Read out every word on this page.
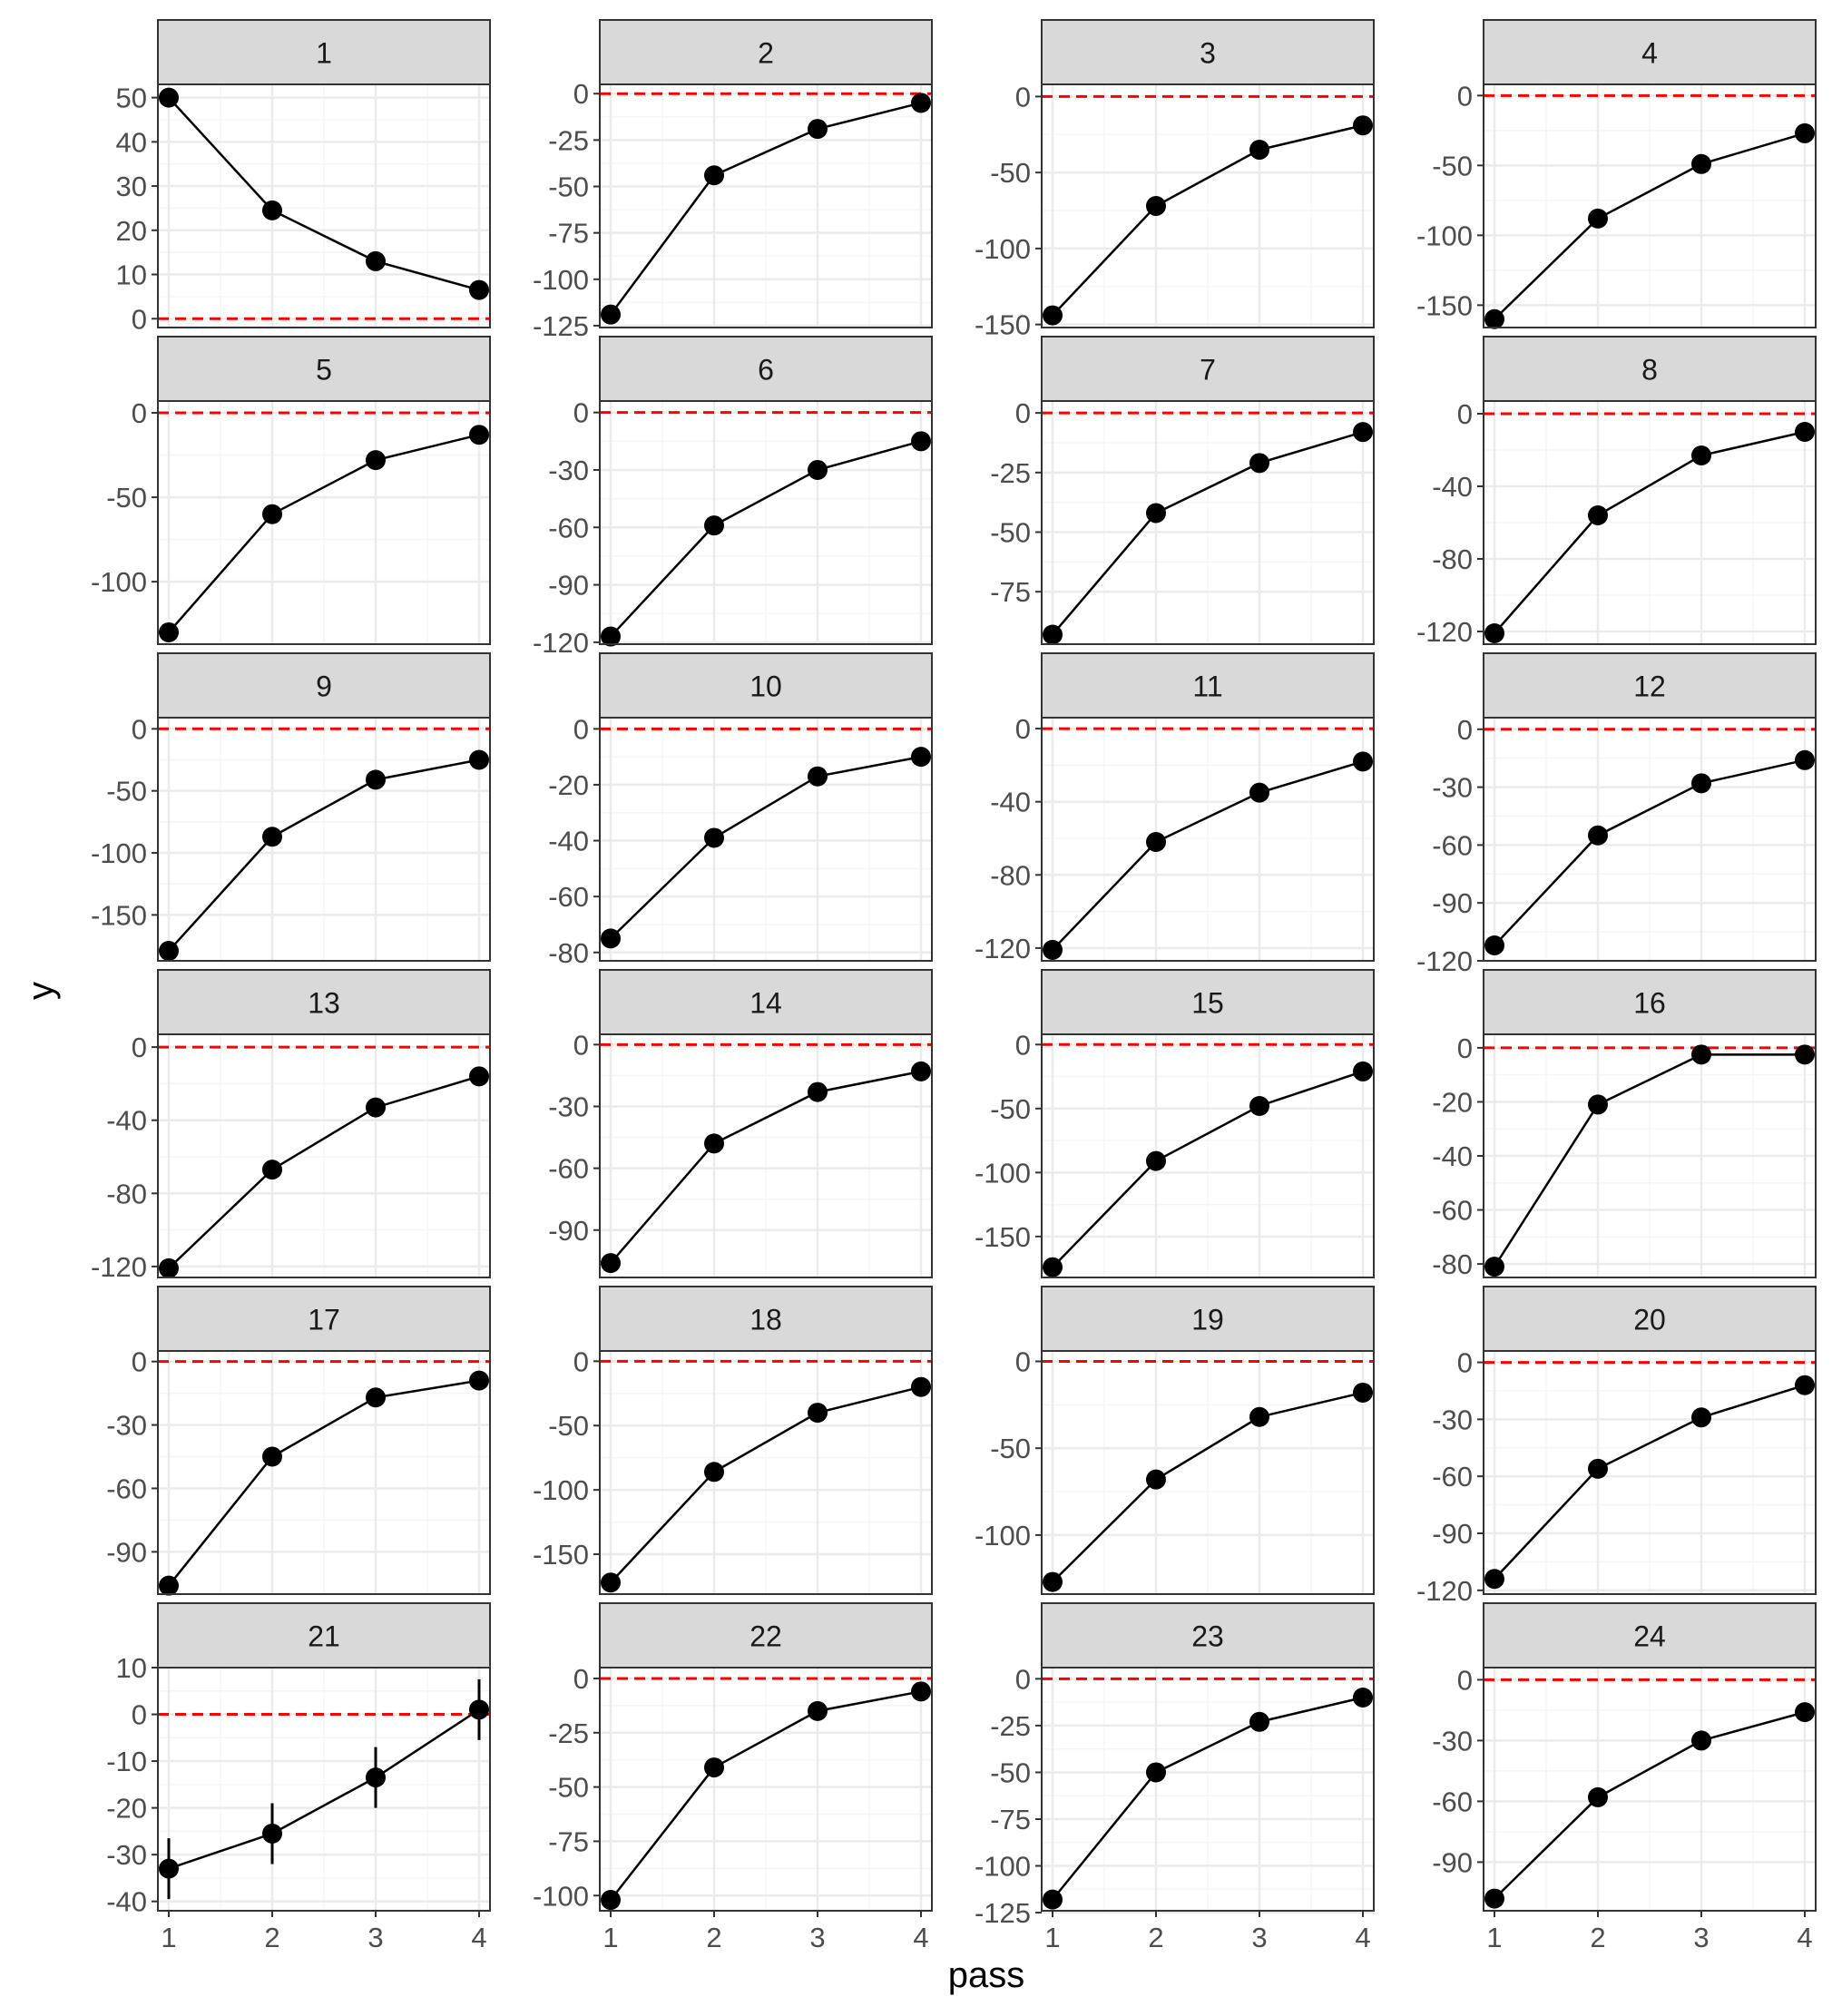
1
0
10
20
30
40
50
2
0
-25
-50
-75
-100
-125
3
0
-50
-100
-150
4
0
-50
-100
-150
5
0
-50
-100
6
0
-30
-60
-90
-120
7
0
-25
-50
-75
8
0
-40
-80
-120
9
0
-50
-100
-150
10
0
-20
-40
-60
-80
11
0
-40
-80
-120
12
0
-30
-60
-90
-120
13
0
-40
-80
-120
14
0
-30
-60
-90
15
0
-50
-100
-150
16
0
-20
-40
-60
-80
17
0
-30
-60
-90
18
0
-50
-100
-150
19
0
-50
-100
20
0
-30
-60
-90
-120
21
10
0
-10
-20
-30
-40
1	2	3	4
22
0
-25
-50
-75
-100
1	2	3	4
23
0
-25
-50
-75
-100
-125
1	2	3	4
24
0
-30
-60
-90
1	2	3	4
pass
y
